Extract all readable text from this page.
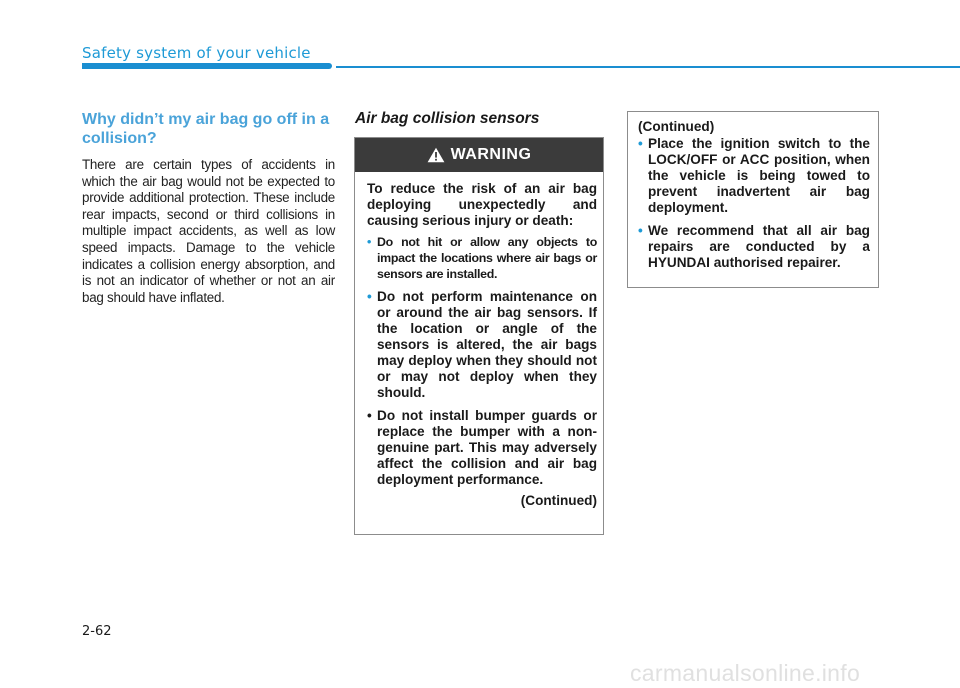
Safety system of your vehicle
Why didn’t my air bag go off in a collision?

There are certain types of accidents in which the air bag would not be expected to provide additional protection. These include rear impacts, second or third collisions in multiple impact accidents, as well as low speed impacts. Damage to the vehicle indicates a collision energy absorption, and is not an indicator of whether or not an air bag should have inflated.

Air bag collision sensors
WARNING

To reduce the risk of an air bag deploying unexpectedly and causing serious injury or death:

• Do not hit or allow any objects to impact the locations where air bags or sensors are installed.
• Do not perform maintenance on or around the air bag sensors. If the location or angle of the sensors is altered, the air bags may deploy when they should not or may not deploy when they should.
• Do not install bumper guards or replace the bumper with a non-genuine part. This may adversely affect the collision and air bag deployment performance.
(Continued)
(Continued)
• Place the ignition switch to the LOCK/OFF or ACC position, when the vehicle is being towed to prevent inadvertent air bag deployment.
• We recommend that all air bag repairs are conducted by a HYUNDAI authorised repairer.
2-62
carmanualsonline.info
